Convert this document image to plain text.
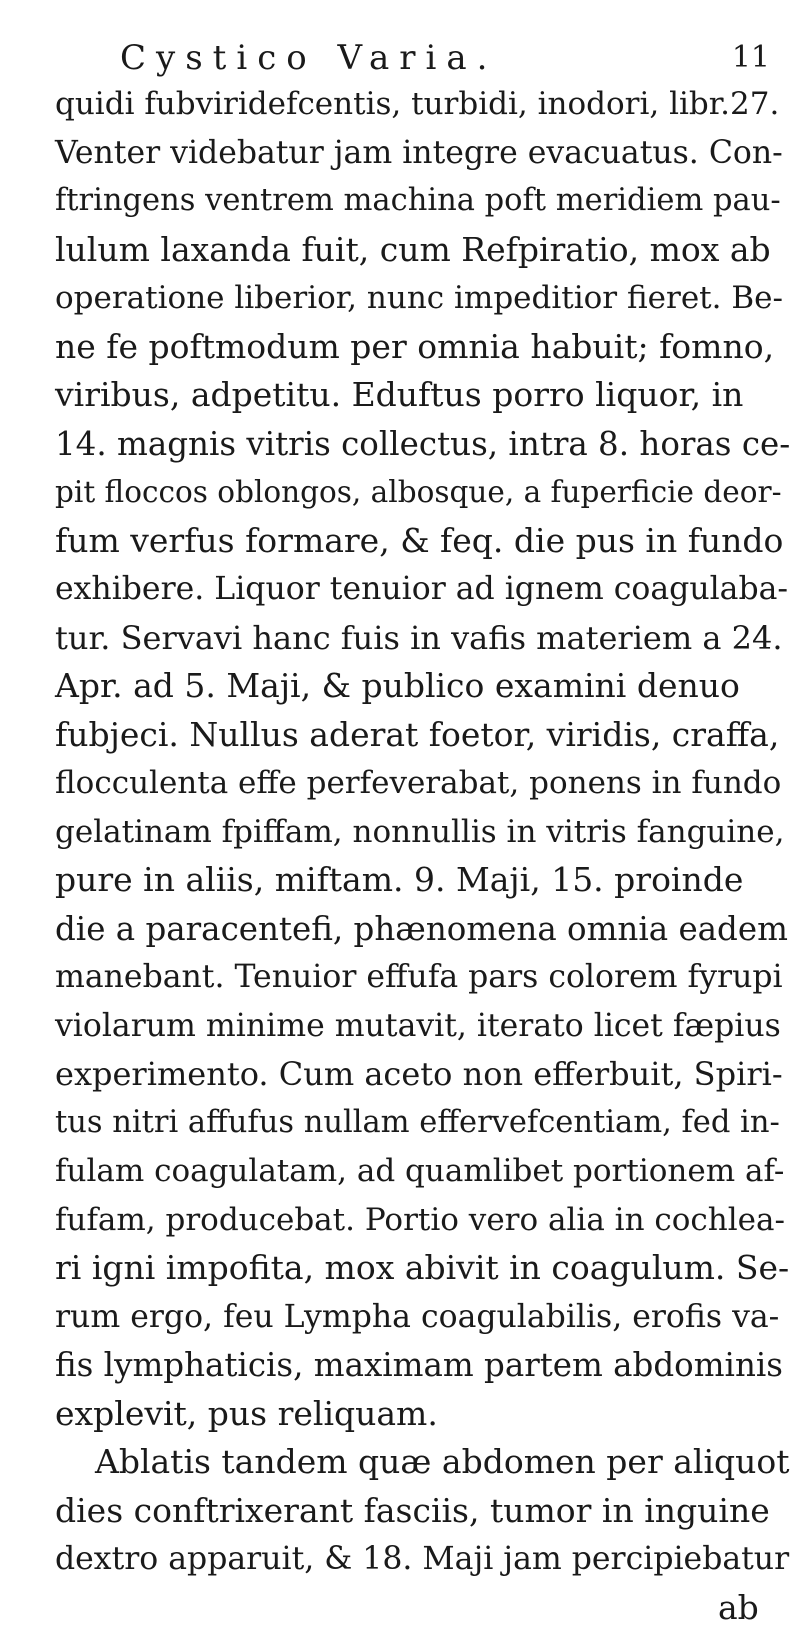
Cystico Varia.	11
quidi fubviridefcentis, turbidi, inodori, libr.27.
Venter videbatur jam integre evacuatus. Con-
ftringens ventrem machina poft meridiem pau-
lulum laxanda fuit, cum Refpiratio, mox ab
operatione liberior, nunc impeditior fieret. Be-
ne fe poftmodum per omnia habuit; fomno,
viribus, adpetitu. Eduftus porro liquor, in
14. magnis vitris collectus, intra 8. horas ce-
pit floccos oblongos, albosque, a fuperficie deor-
fum verfus formare, & feq. die pus in fundo
exhibere. Liquor tenuior ad ignem coagulaba-
tur. Servavi hanc fuis in vafis materiem a 24.
Apr. ad 5. Maji, & publico examini denuo
fubjeci. Nullus aderat foetor, viridis, craffa,
flocculenta effe perfeverabat, ponens in fundo
gelatinam fpiffam, nonnullis in vitris fanguine,
pure in aliis, miftam. 9. Maji, 15. proinde
die a paracentefi, phænomena omnia eadem
manebant. Tenuior effufa pars colorem fyrupi
violarum minime mutavit, iterato licet fæpius
experimento. Cum aceto non efferbuit, Spiri-
tus nitri affufus nullam effervefcentiam, fed in-
fulam coagulatam, ad quamlibet portionem af-
fufam, producebat. Portio vero alia in cochlea-
ri igni impofita, mox abivit in coagulum. Se-
rum ergo, feu Lympha coagulabilis, erofis va-
fis lymphaticis, maximam partem abdominis
explevit, pus reliquam.
Ablatis tandem quæ abdomen per aliquot
dies conftrixerant fasciis, tumor in inguine
dextro apparuit, & 18. Maji jam percipiebatur
ab
